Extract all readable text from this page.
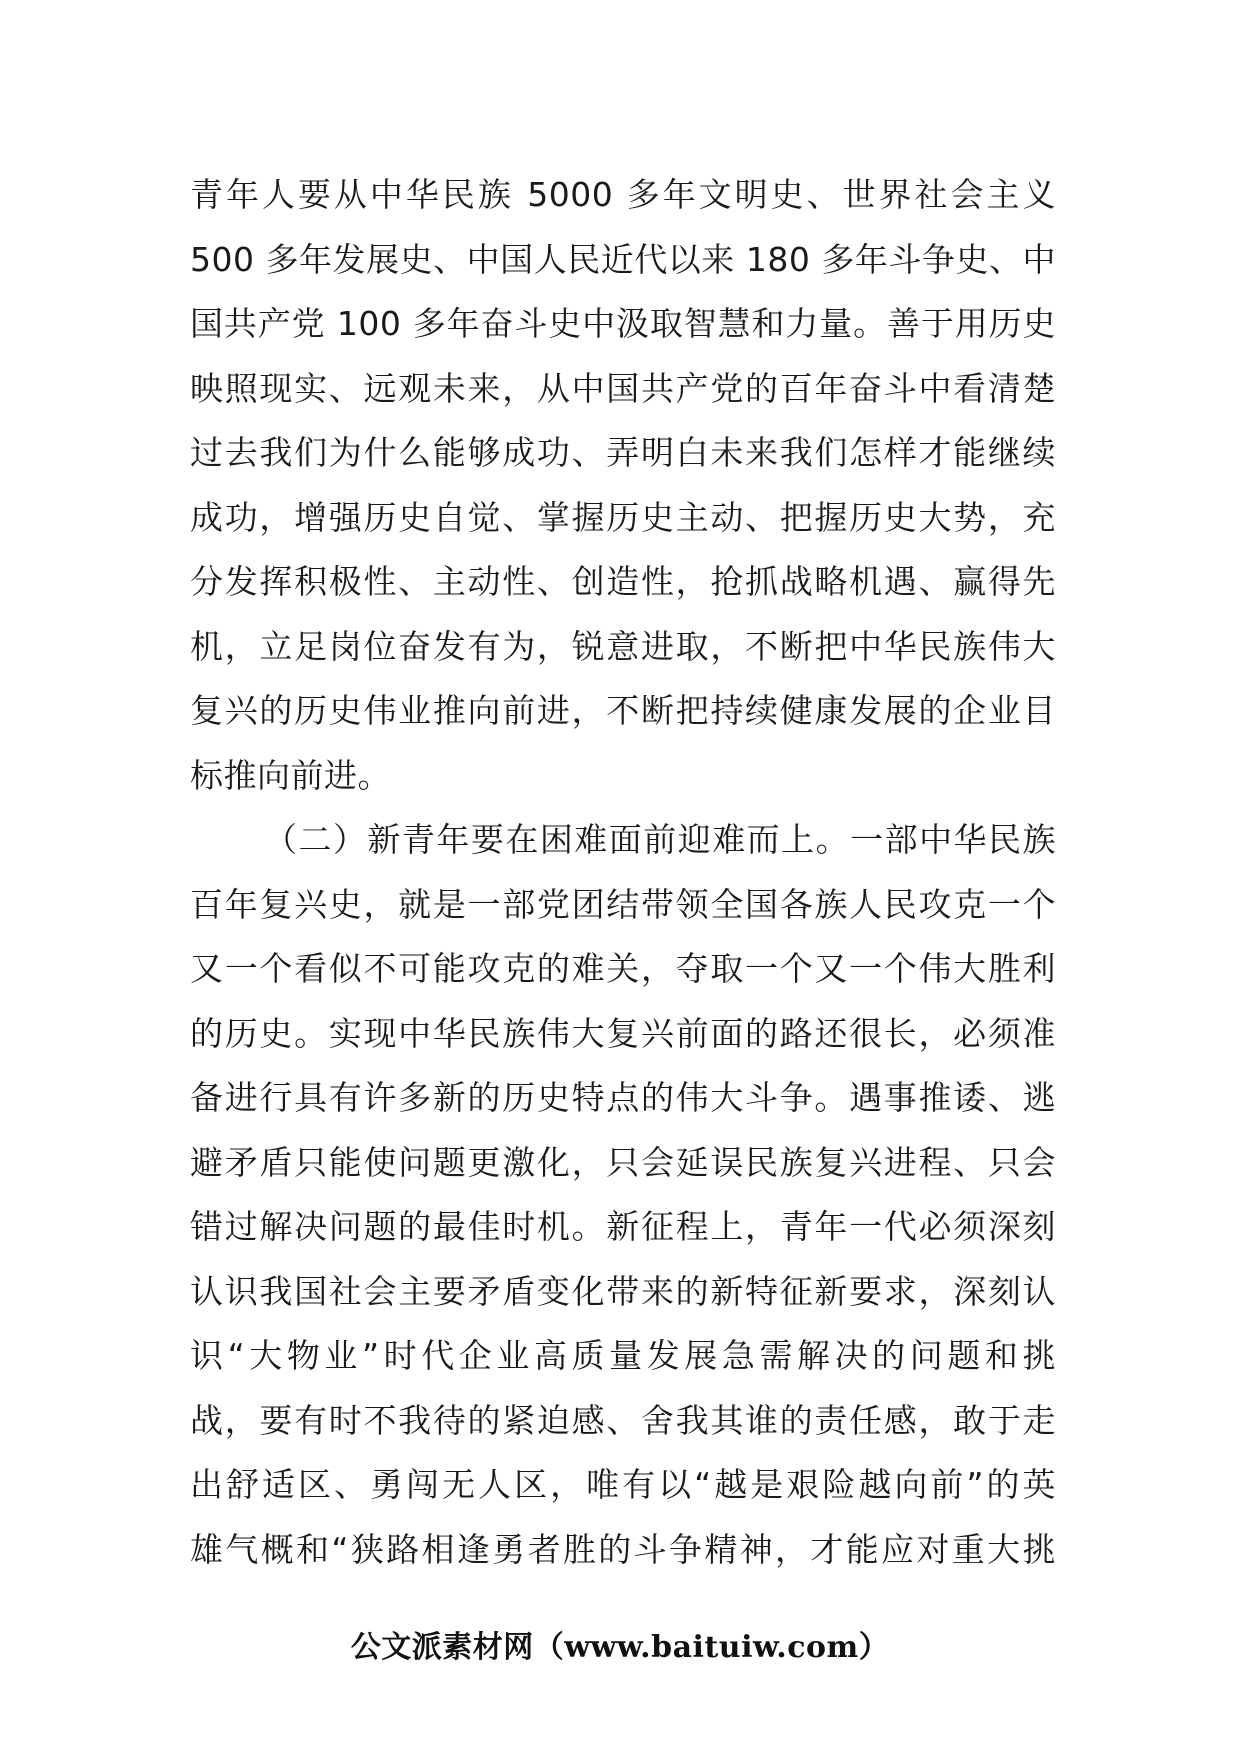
青年人要从中华民族 5000 多年文明史、世界社会主义
500 多年发展史、中国人民近代以来 180 多年斗争史、中
国共产党 100 多年奋斗史中汲取智慧和力量。善于用历史
映照现实、远观未来，从中国共产党的百年奋斗中看清楚
过去我们为什么能够成功、弄明白未来我们怎样才能继续
成功，增强历史自觉、掌握历史主动、把握历史大势，充
分发挥积极性、主动性、创造性，抢抓战略机遇、赢得先
机，立足岗位奋发有为，锐意进取，不断把中华民族伟大
复兴的历史伟业推向前进，不断把持续健康发展的企业目
标推向前进。
（二）新青年要在困难面前迎难而上。一部中华民族
百年复兴史，就是一部党团结带领全国各族人民攻克一个
又一个看似不可能攻克的难关，夺取一个又一个伟大胜利
的历史。实现中华民族伟大复兴前面的路还很长，必须准
备进行具有许多新的历史特点的伟大斗争。遇事推诿、逃
避矛盾只能使问题更激化，只会延误民族复兴进程、只会
错过解决问题的最佳时机。新征程上，青年一代必须深刻
认识我国社会主要矛盾变化带来的新特征新要求，深刻认
识“大物业”时代企业高质量发展急需解决的问题和挑
战，要有时不我待的紧迫感、舍我其谁的责任感，敢于走
出舒适区、勇闯无人区，唯有以“越是艰险越向前”的英
雄气概和“狭路相逢勇者胜的斗争精神，才能应对重大挑
公文派素材网（www.baituiw.com）
